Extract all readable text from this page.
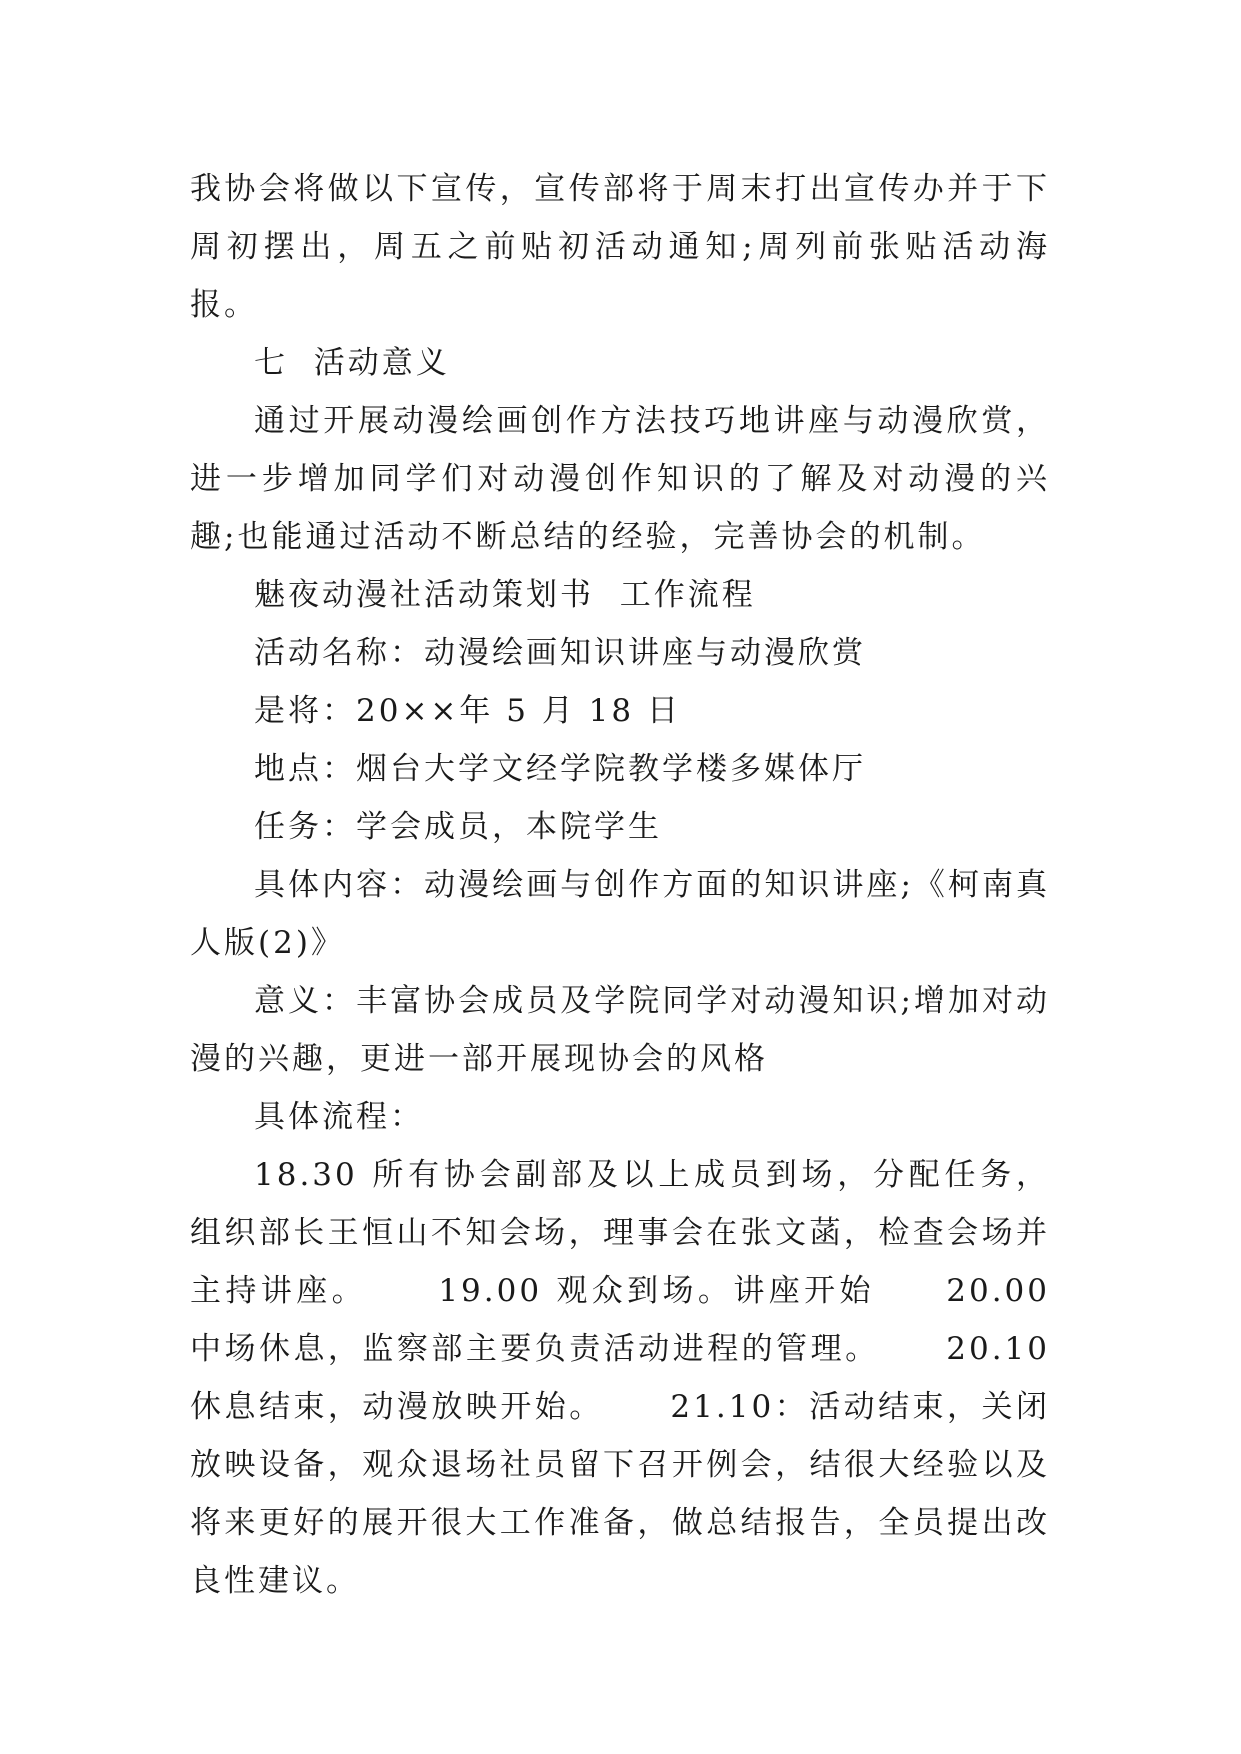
我协会将做以下宣传，宣传部将于周末打出宣传办并于下周初摆出，周五之前贴初活动通知;周列前张贴活动海报。

七  活动意义

通过开展动漫绘画创作方法技巧地讲座与动漫欣赏，进一步增加同学们对动漫创作知识的了解及对动漫的兴趣;也能通过活动不断总结的经验，完善协会的机制。

魅夜动漫社活动策划书  工作流程

活动名称：动漫绘画知识讲座与动漫欣赏

是将：20××年 5 月 18 日

地点：烟台大学文经学院教学楼多媒体厅

任务：学会成员，本院学生

具体内容：动漫绘画与创作方面的知识讲座;《柯南真人版(2)》

意义：丰富协会成员及学院同学对动漫知识;增加对动漫的兴趣，更进一部开展现协会的风格

具体流程：

18.30 所有协会副部及以上成员到场，分配任务，组织部长王恒山不知会场，理事会在张文菡，检查会场并主持讲座。     19.00 观众到场。讲座开始     20.00 中场休息，监察部主要负责活动进程的管理。     20.10 休息结束，动漫放映开始。     21.10：活动结束，关闭放映设备，观众退场社员留下召开例会，结很大经验以及将来更好的展开很大工作准备，做总结报告，全员提出改良性建议。
